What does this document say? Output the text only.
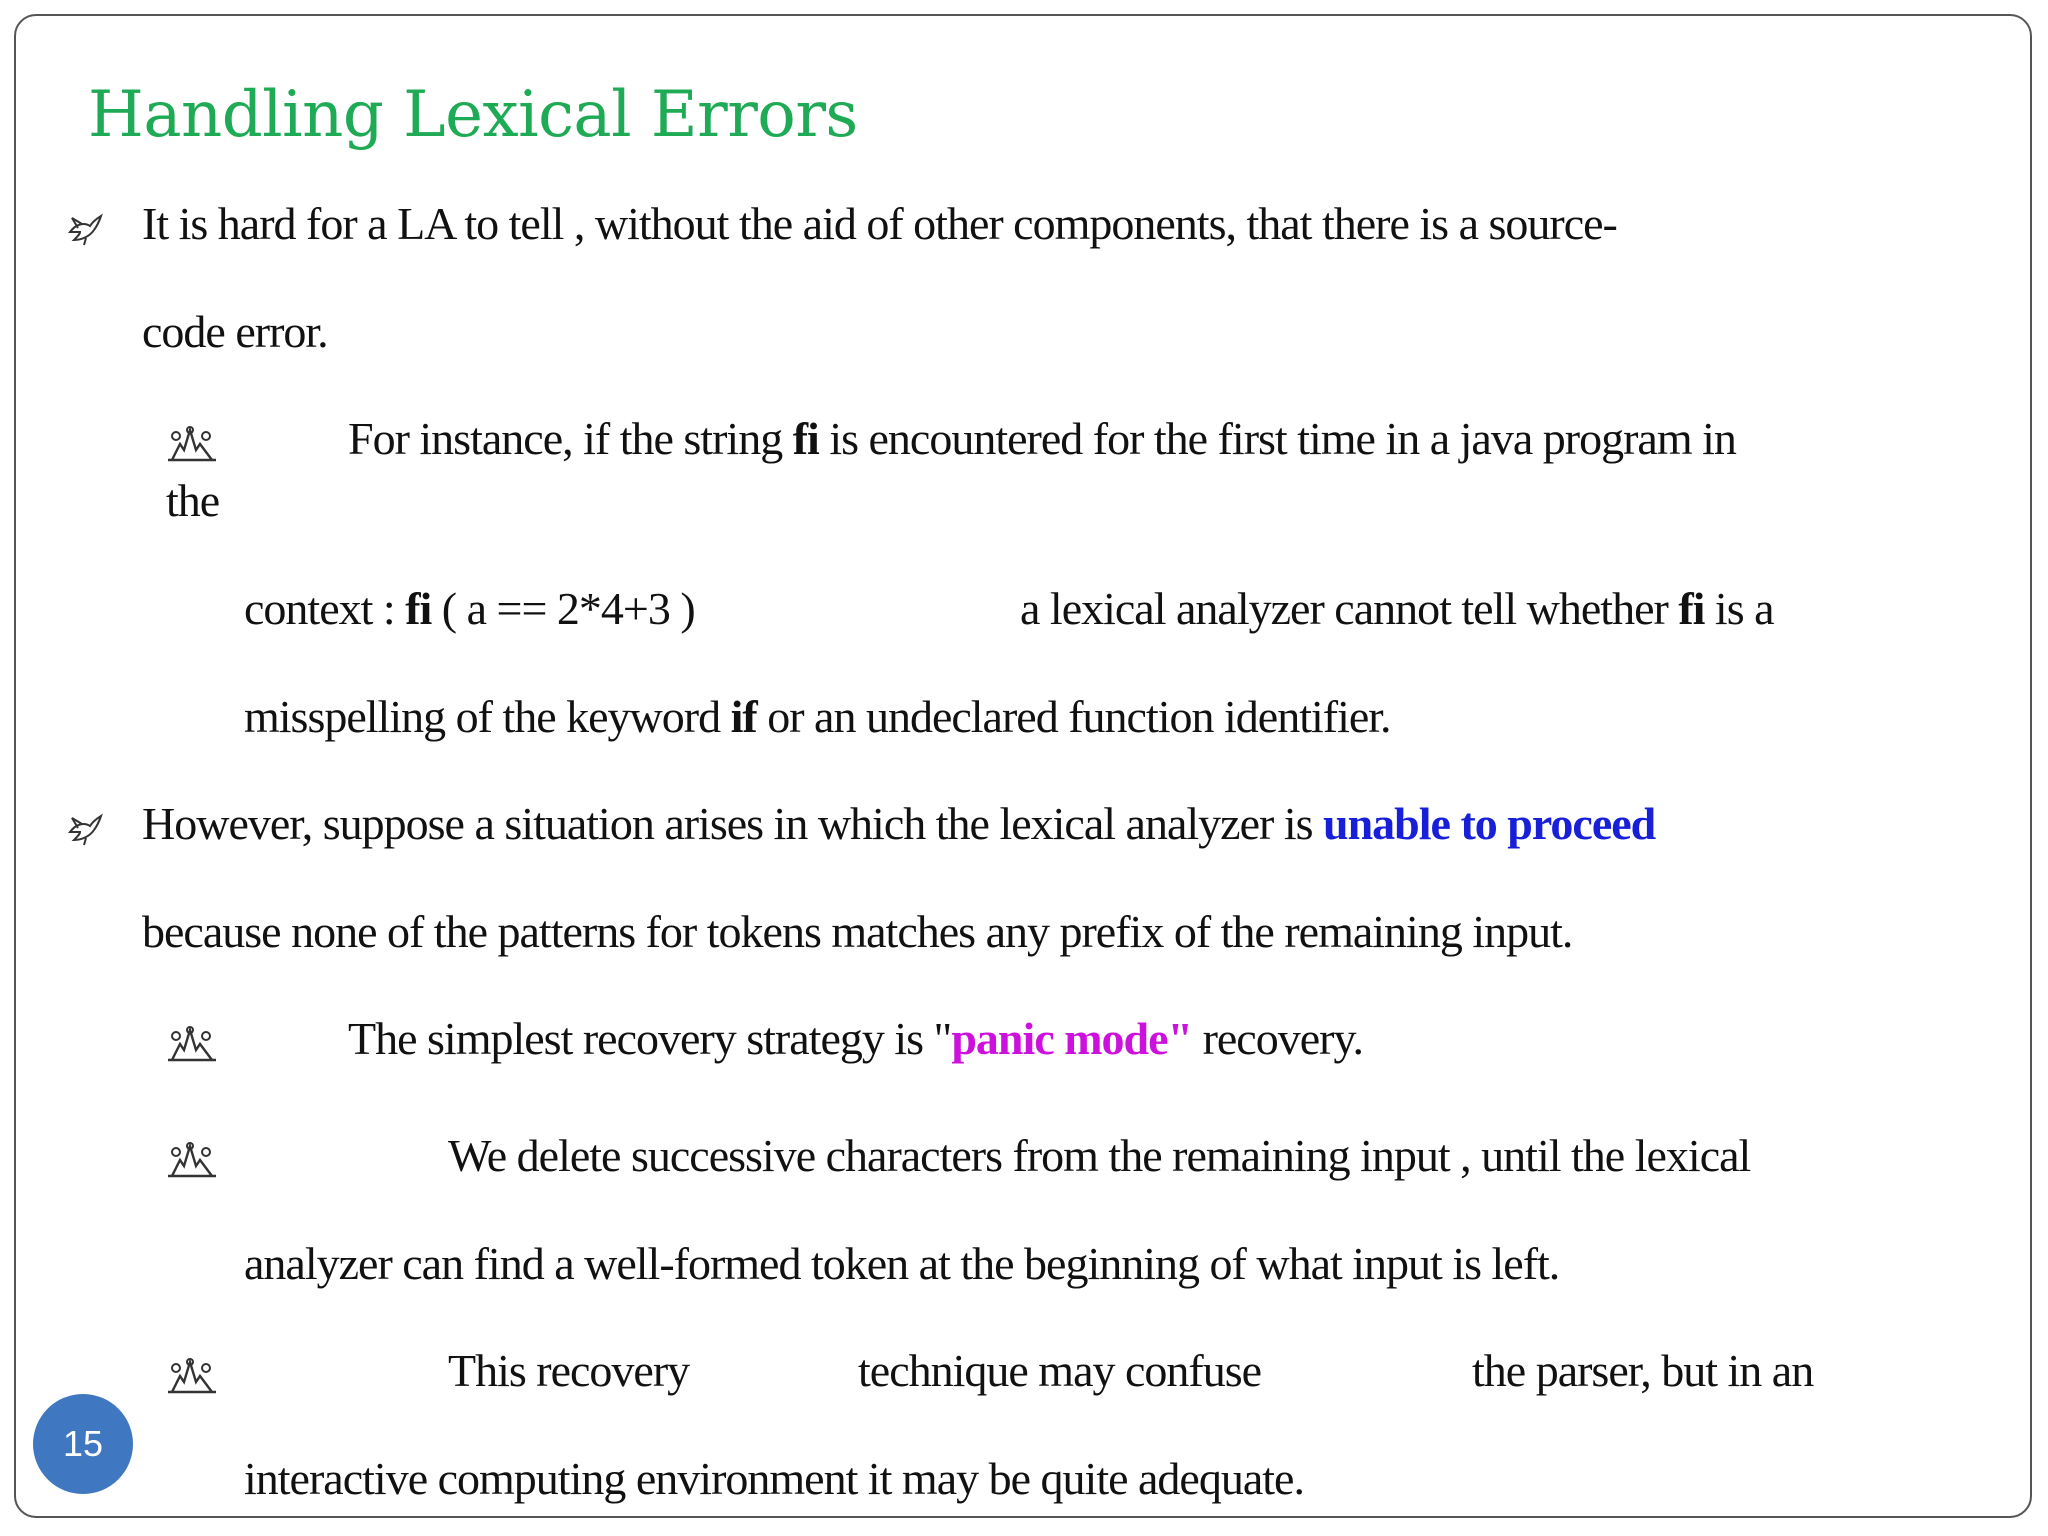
Handling Lexical Errors
It is hard for a LA to tell , without the aid of other components, that there is a source-
code error.
For instance, if the string fi is encountered for the first time in a java program in
the
context : fi ( a == 2*4+3 )	a lexical analyzer cannot tell whether fi is a
misspelling of the keyword if or an undeclared function identifier.
However, suppose a situation arises in which the lexical analyzer is unable to proceed
because none of the patterns for tokens matches any prefix of the remaining input.
The simplest recovery strategy is "panic mode" recovery.
We delete successive characters from the remaining input , until the lexical
analyzer can find a well-formed token at the beginning of what input is left.
This recovery	technique may confuse	the parser, but in an
interactive computing environment it may be quite adequate.
15
